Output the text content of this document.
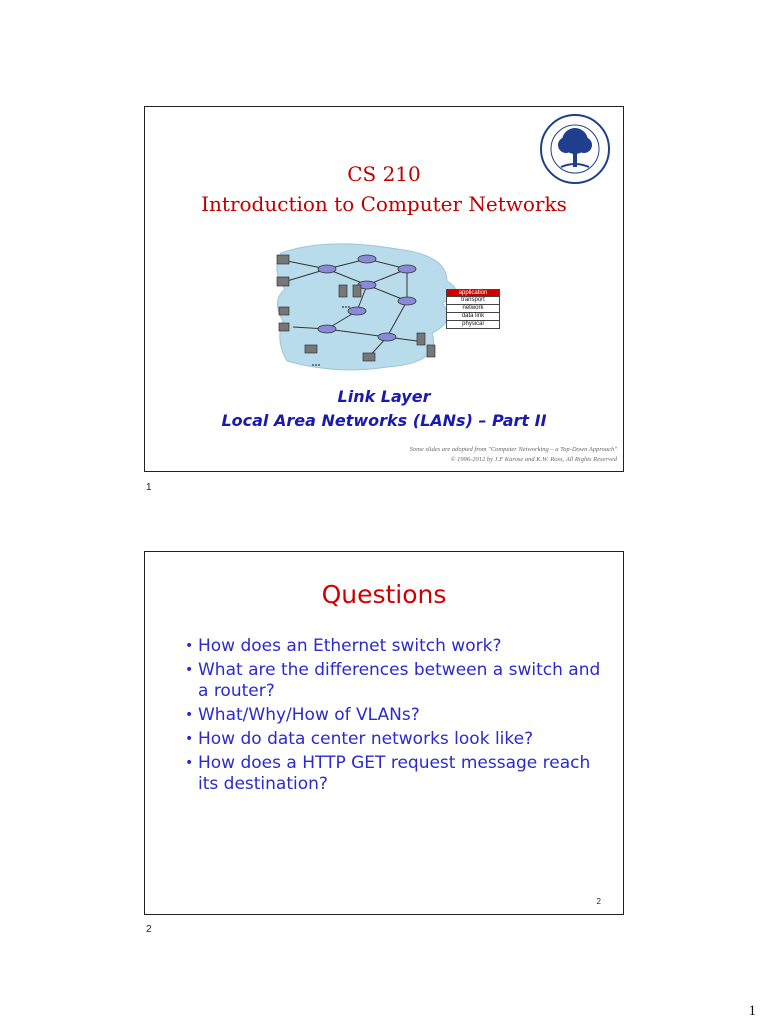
CS 210
Introduction to Computer Networks
application
transport
network
data link
physical
Link Layer
Local Area Networks (LANs) – Part II
Some slides are adopted from "Computer Networking – a Top-Down Approach"
© 1996-2012 by J.F Kurose and K.W. Ross, All Rights Reserved
1
Questions
• How does an Ethernet switch work?
• What are the differences between a switch and a router?
• What/Why/How of VLANs?
• How do data center networks look like?
• How does a HTTP GET request message reach its destination?
2
2
1
